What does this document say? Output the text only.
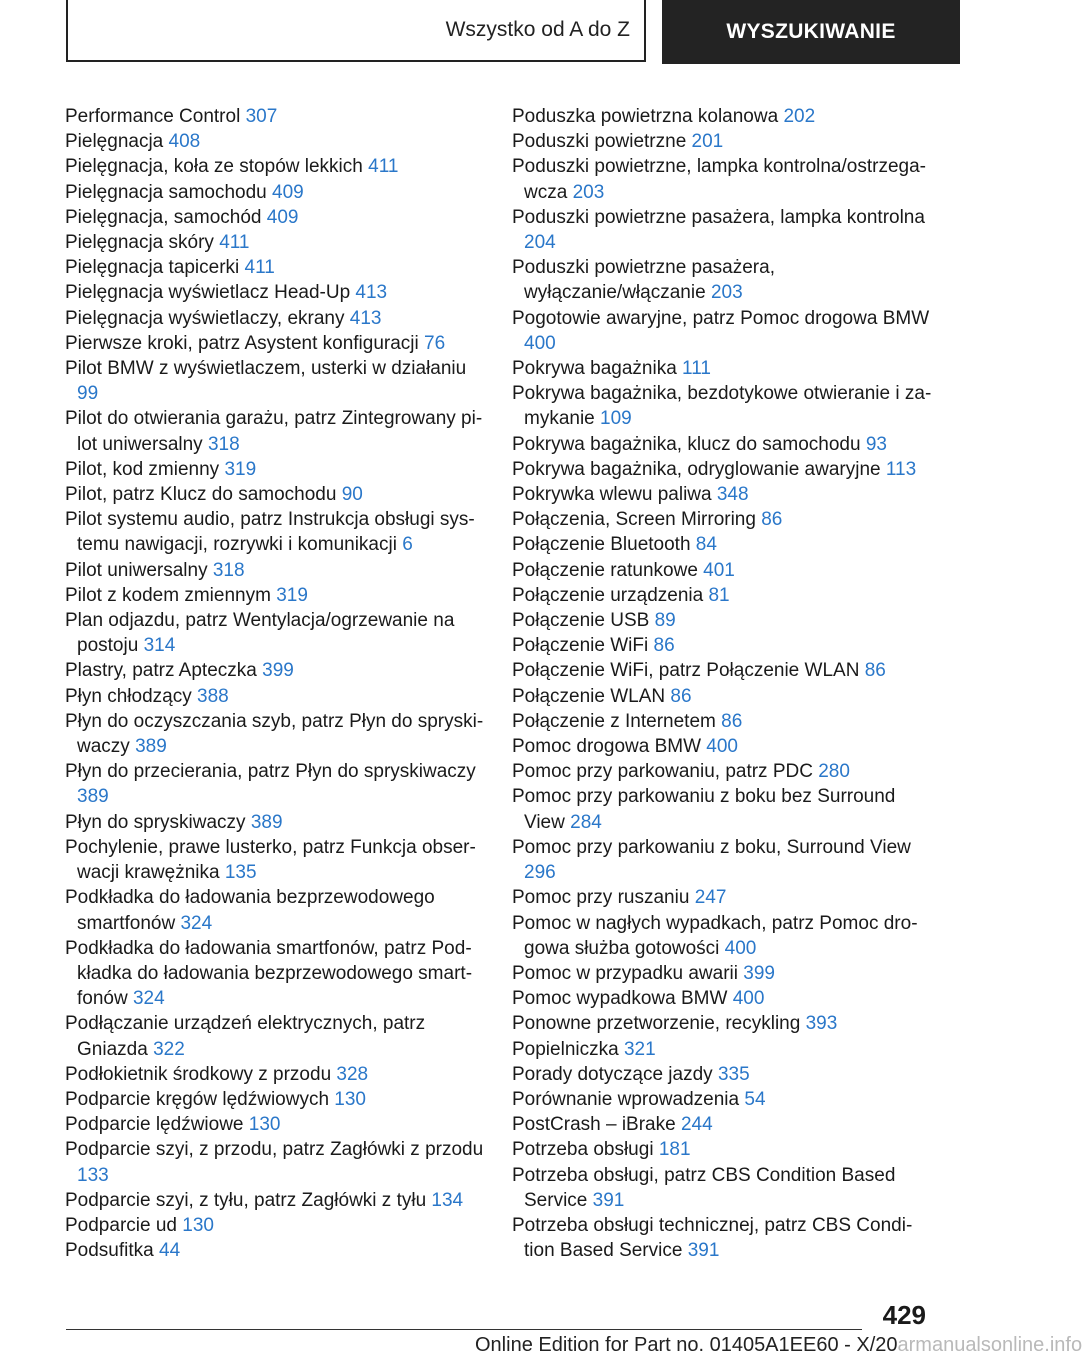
Wszystko od A do Z	WYSZUKIWANIE
Performance Control 307
Pielęgnacja 408
Pielęgnacja, koła ze stopów lekkich 411
Pielęgnacja samochodu 409
Pielęgnacja, samochód 409
Pielęgnacja skóry 411
Pielęgnacja tapicerki 411
Pielęgnacja wyświetlacz Head-Up 413
Pielęgnacja wyświetlaczy, ekrany 413
Pierwsze kroki, patrz Asystent konfiguracji 76
Pilot BMW z wyświetlaczem, usterki w działaniu 99
Pilot do otwierania garażu, patrz Zintegrowany pilot uniwersalny 318
Pilot, kod zmienny 319
Pilot, patrz Klucz do samochodu 90
Pilot systemu audio, patrz Instrukcja obsługi systemu nawigacji, rozrywki i komunikacji 6
Pilot uniwersalny 318
Pilot z kodem zmiennym 319
Plan odjazdu, patrz Wentylacja/ogrzewanie na postoju 314
Plastry, patrz Apteczka 399
Płyn chłodzący 388
Płyn do oczyszczania szyb, patrz Płyn do spryskiwaczy 389
Płyn do przecierania, patrz Płyn do spryskiwaczy 389
Płyn do spryskiwaczy 389
Pochylenie, prawe lusterko, patrz Funkcja obserwacji krawężnika 135
Podkładka do ładowania bezprzewodowego smartfonów 324
Podkładka do ładowania smartfonów, patrz Podkładka do ładowania bezprzewodowego smartfonów 324
Podłączanie urządzeń elektrycznych, patrz Gniazda 322
Podłokietnik środkowy z przodu 328
Podparcie kręgów lędźwiowych 130
Podparcie lędźwiowe 130
Podparcie szyi, z przodu, patrz Zagłówki z przodu 133
Podparcie szyi, z tyłu, patrz Zagłówki z tyłu 134
Podparcie ud 130
Podsufitka 44
Poduszka powietrzna kolanowa 202
Poduszki powietrzne 201
Poduszki powietrzne, lampka kontrolna/ostrzegawcza 203
Poduszki powietrzne pasażera, lampka kontrolna 204
Poduszki powietrzne pasażera, wyłączanie/włączanie 203
Pogotowie awaryjne, patrz Pomoc drogowa BMW 400
Pokrywa bagażnika 111
Pokrywa bagażnika, bezdotykowe otwieranie i zamykanie 109
Pokrywa bagażnika, klucz do samochodu 93
Pokrywa bagażnika, odryglowanie awaryjne 113
Pokrywka wlewu paliwa 348
Połączenia, Screen Mirroring 86
Połączenie Bluetooth 84
Połączenie ratunkowe 401
Połączenie urządzenia 81
Połączenie USB 89
Połączenie WiFi 86
Połączenie WiFi, patrz Połączenie WLAN 86
Połączenie WLAN 86
Połączenie z Internetem 86
Pomoc drogowa BMW 400
Pomoc przy parkowaniu, patrz PDC 280
Pomoc przy parkowaniu z boku bez Surround View 284
Pomoc przy parkowaniu z boku, Surround View 296
Pomoc przy ruszaniu 247
Pomoc w nagłych wypadkach, patrz Pomoc drogowa służba gotowości 400
Pomoc w przypadku awarii 399
Pomoc wypadkowa BMW 400
Ponowne przetworzenie, recykling 393
Popielniczka 321
Porady dotyczące jazdy 335
Porównanie wprowadzenia 54
PostCrash – iBrake 244
Potrzeba obsługi 181
Potrzeba obsługi, patrz CBS Condition Based Service 391
Potrzeba obsługi technicznej, patrz CBS Condition Based Service 391
429
Online Edition for Part no. 01405A1EE60 - X/20armanualsonline.info
